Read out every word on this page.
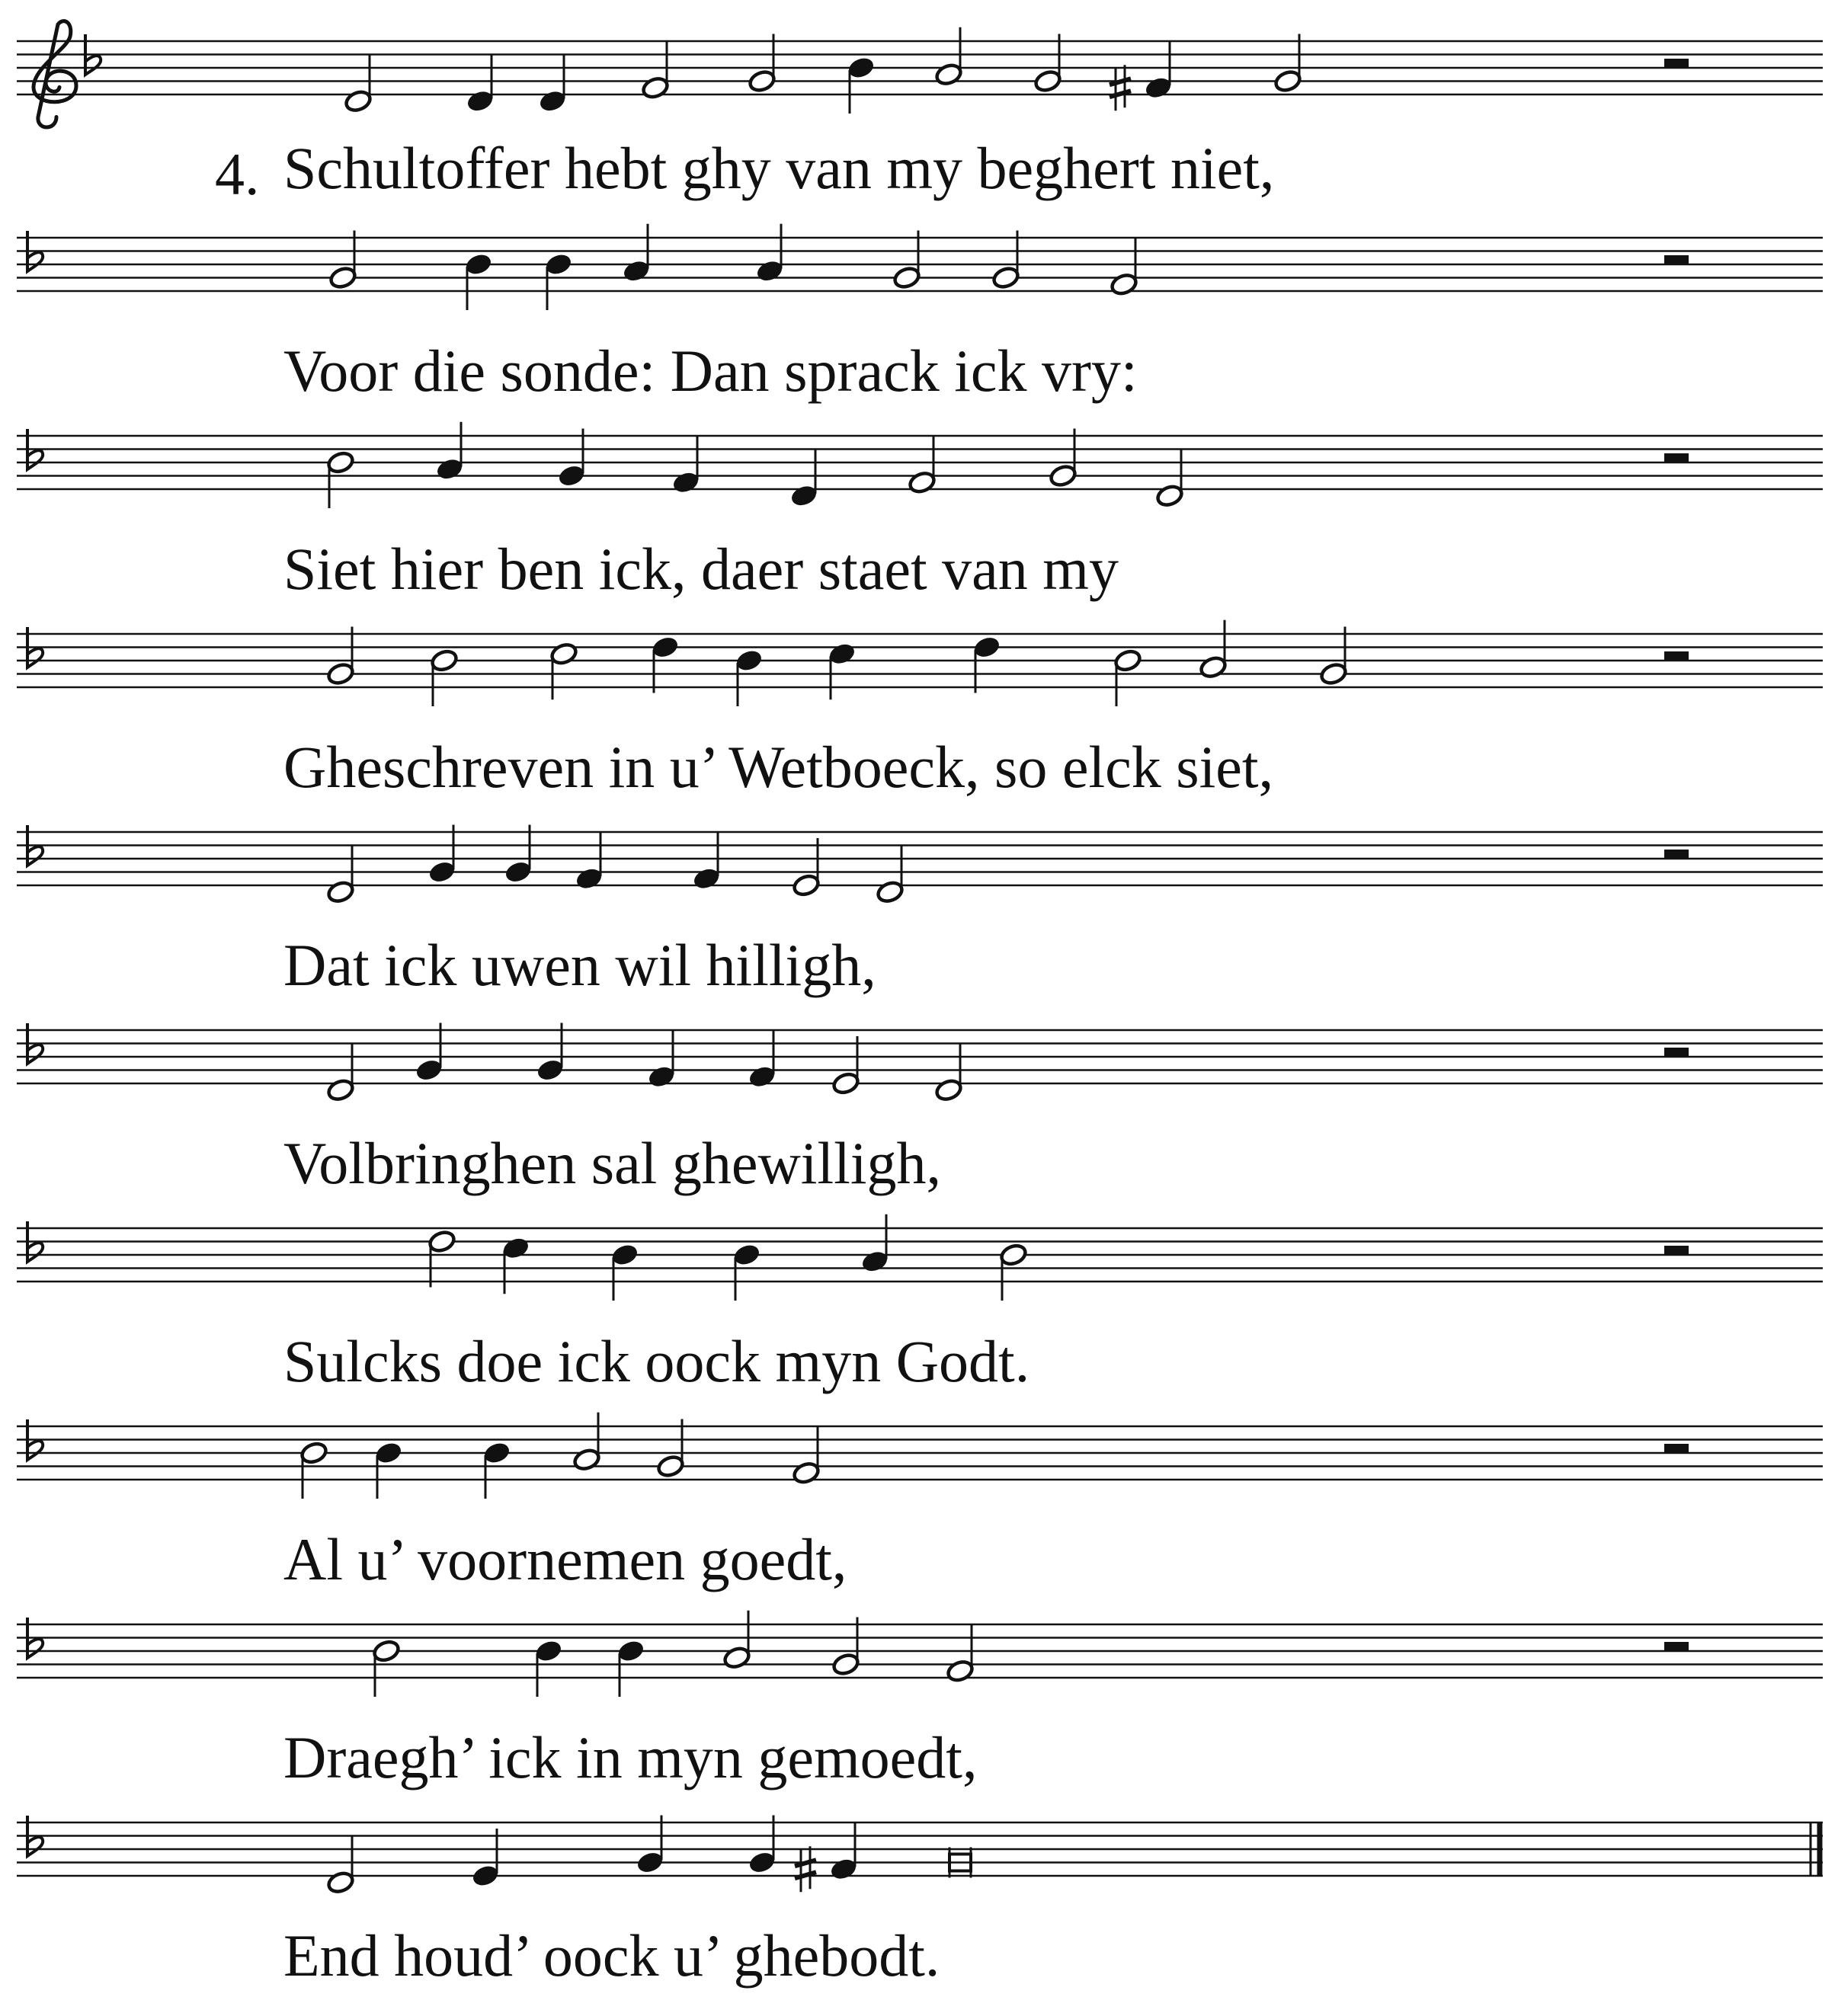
Schultoffer hebt ghy van my beghert niet,
Voor die sonde: Dan sprack ick vry:
Siet hier ben ick, daer staet van my
Gheschreven in u’ Wetboeck, so elck siet,
Dat ick uwen wil hilligh,
Volbringhen sal ghewilligh,
Sulcks doe ick oock myn Godt.
Al u’ voornemen goedt,
Draegh’ ick in myn gemoedt,
End houd’ oock u’ ghebodt.
4.
